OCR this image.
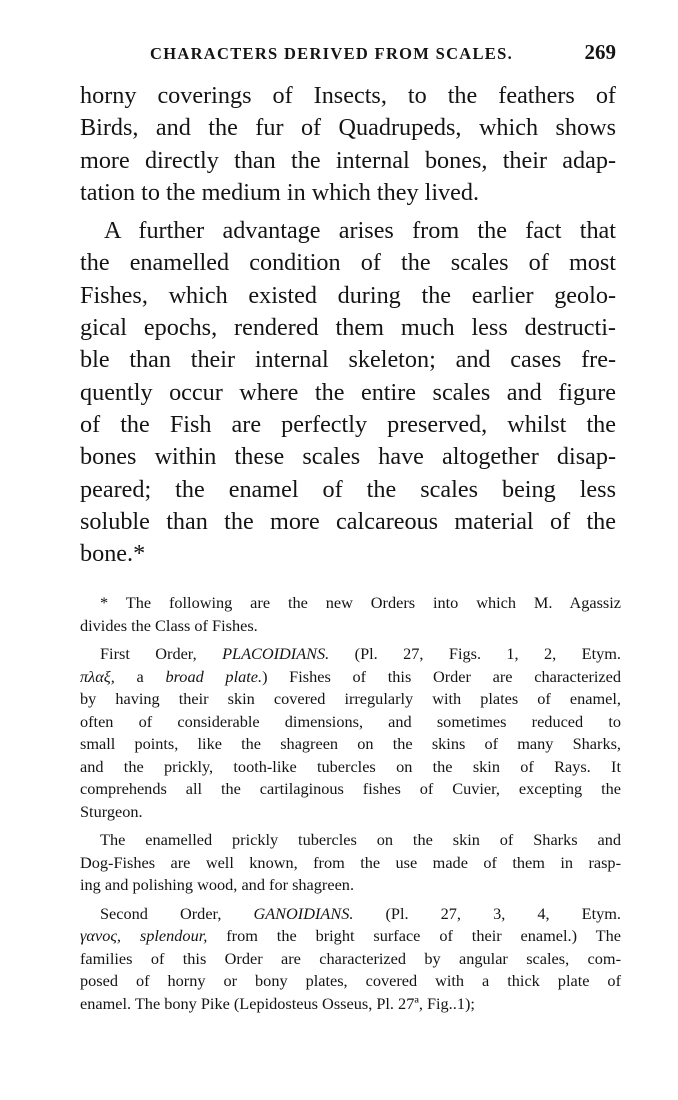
CHARACTERS DERIVED FROM SCALES.	269

horny coverings of Insects, to the feathers of
Birds, and the fur of Quadrupeds, which shows
more directly than the internal bones, their adap-
tation to the medium in which they lived.

A further advantage arises from the fact that
the enamelled condition of the scales of most
Fishes, which existed during the earlier geolo-
gical epochs, rendered them much less destructi-
ble than their internal skeleton; and cases fre-
quently occur where the entire scales and figure
of the Fish are perfectly preserved, whilst the
bones within these scales have altogether disap-
peared; the enamel of the scales being less
soluble than the more calcareous material of the
bone.*

* The following are the new Orders into which M. Agassiz
divides the Class of Fishes.

First Order, PLACOIDIANS. (Pl. 27, Figs. 1, 2, Etym.
πλαξ, a broad plate.) Fishes of this Order are characterized
by having their skin covered irregularly with plates of enamel,
often of considerable dimensions, and sometimes reduced to
small points, like the shagreen on the skins of many Sharks,
and the prickly, tooth-like tubercles on the skin of Rays. It
comprehends all the cartilaginous fishes of Cuvier, excepting the
Sturgeon.

The enamelled prickly tubercles on the skin of Sharks and
Dog-Fishes are well known, from the use made of them in rasp-
ing and polishing wood, and for shagreen.

Second Order, GANOIDIANS. (Pl. 27, 3, 4, Etym.
γανος, splendour, from the bright surface of their enamel.) The
families of this Order are characterized by angular scales, com-
posed of horny or bony plates, covered with a thick plate of
enamel. The bony Pike (Lepidosteus Osseus, Pl. 27ª, Fig..1);
